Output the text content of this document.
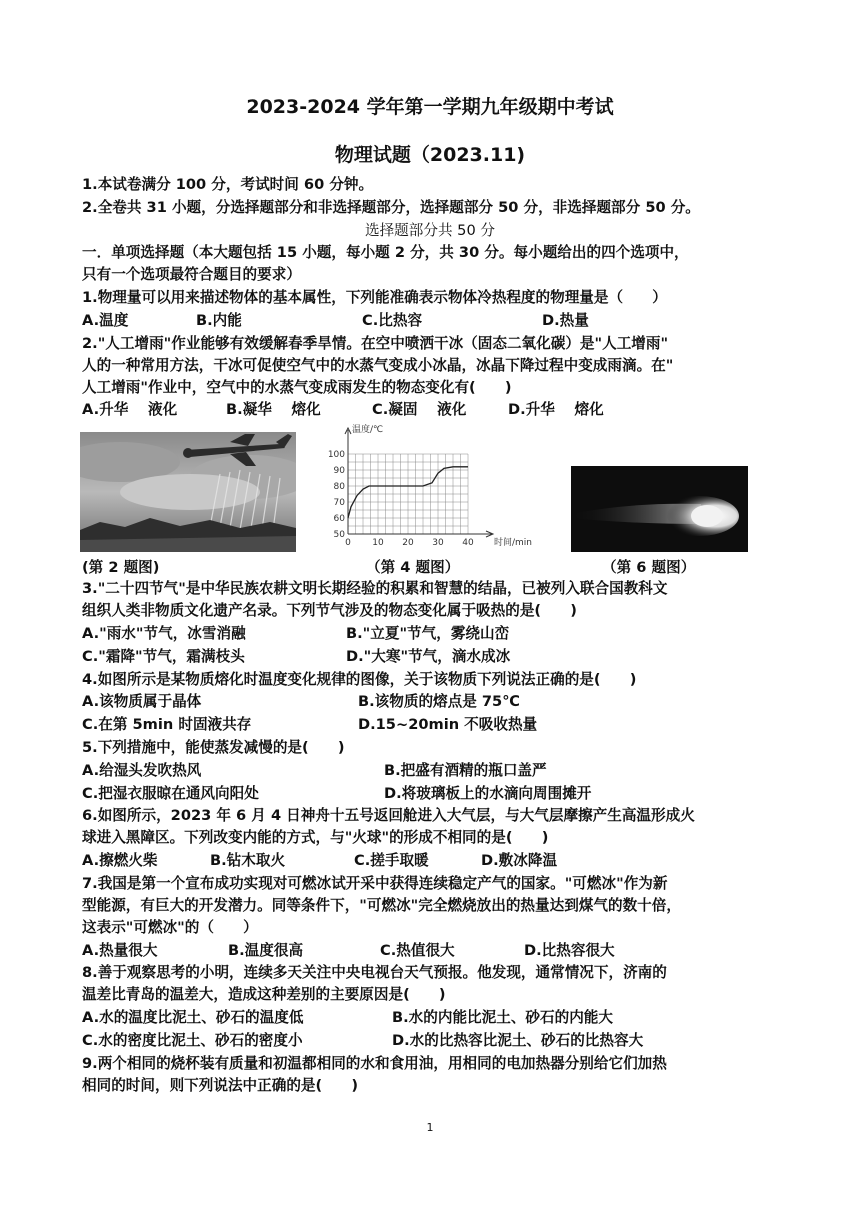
2023-2024 学年第一学期九年级期中考试
物理试题（2023.11)
1.本试卷满分 100 分，考试时间 60 分钟。
2.全卷共 31 小题，分选择题部分和非选择题部分，选择题部分 50 分，非选择题部分 50 分。
选择题部分共 50 分
一．单项选择题（本大题包括 15 小题，每小题 2 分，共 30 分。每小题给出的四个选项中，
只有一个选项最符合题目的要求）
1.物理量可以用来描述物体的基本属性，下列能准确表示物体冷热程度的物理量是（　　）
A.温度	B.内能	C.比热容	D.热量
2."人工增雨"作业能够有效缓解春季旱情。在空中喷洒干冰（固态二氧化碳）是"人工增雨"
人的一种常用方法，干冰可促使空气中的水蒸气变成小冰晶，冰晶下降过程中变成雨滴。在"
人工增雨"作业中，空气中的水蒸气变成雨发生的物态变化有(　　)
A.升华　 液化	B.凝华　 熔化	C.凝固　 液化	D.升华　 熔化
50
60
70
80
90
100
0 10 20 30 40
温度/℃
时间/min
(第 2 题图)	（第 4 题图）	（第 6 题图）
3."二十四节气"是中华民族农耕文明长期经验的积累和智慧的结晶，已被列入联合国教科文
组织人类非物质文化遗产名录。下列节气涉及的物态变化属于吸热的是(　　)
A."雨水"节气，冰雪消融	B."立夏"节气，雾绕山峦
C."霜降"节气，霜满枝头	D."大寒"节气，滴水成冰
4.如图所示是某物质熔化时温度变化规律的图像，关于该物质下列说法正确的是(　　)
A.该物质属于晶体	B.该物质的熔点是 75℃
C.在第 5min 时固液共存	D.15~20min 不吸收热量
5.下列措施中，能使蒸发减慢的是(　　)
A.给湿头发吹热风	B.把盛有酒精的瓶口盖严
C.把湿衣服晾在通风向阳处	D.将玻璃板上的水滴向周围摊开
6.如图所示，2023 年 6 月 4 日神舟十五号返回舱进入大气层，与大气层摩擦产生高温形成火
球进入黑障区。下列改变内能的方式，与"火球"的形成不相同的是(　　)
A.擦燃火柴	B.钻木取火	C.搓手取暖	D.敷冰降温
7.我国是第一个宣布成功实现对可燃冰试开采中获得连续稳定产气的国家。"可燃冰"作为新
型能源，有巨大的开发潜力。同等条件下，"可燃冰"完全燃烧放出的热量达到煤气的数十倍，
这表示"可燃冰"的（　　）
A.热量很大	B.温度很高	C.热值很大	D.比热容很大
8.善于观察思考的小明，连续多天关注中央电视台天气预报。他发现，通常情况下，济南的
温差比青岛的温差大，造成这种差别的主要原因是(　　)
A.水的温度比泥土、砂石的温度低	B.水的内能比泥土、砂石的内能大
C.水的密度比泥土、砂石的密度小	D.水的比热容比泥土、砂石的比热容大
9.两个相同的烧杯装有质量和初温都相同的水和食用油，用相同的电加热器分别给它们加热
相同的时间，则下列说法中正确的是(　　)
1
